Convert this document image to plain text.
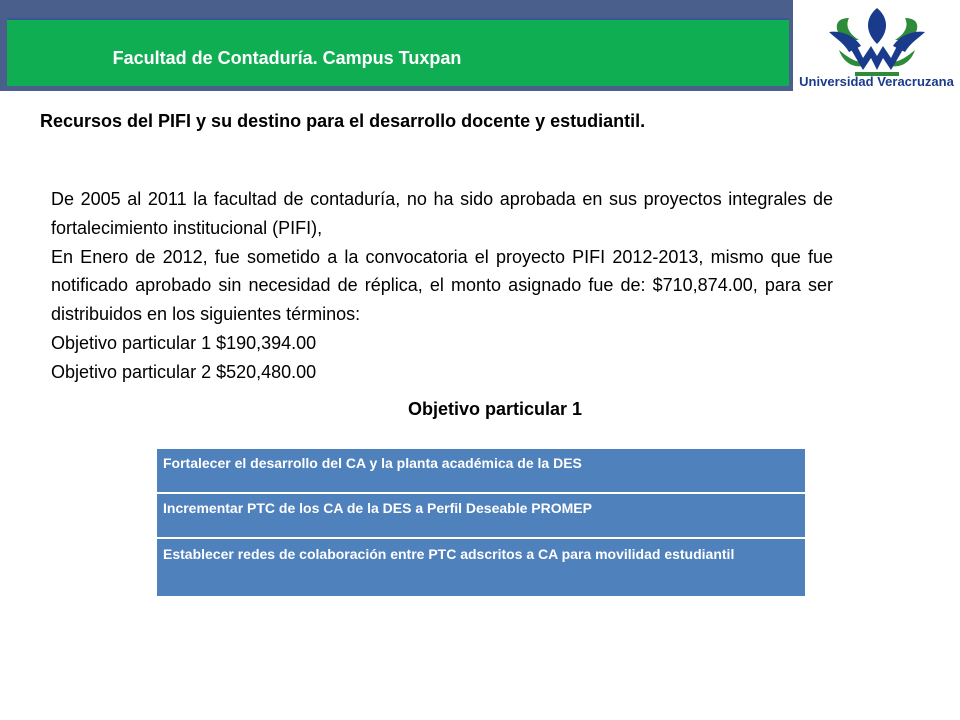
Facultad de Contaduría. Campus Tuxpan
Universidad Veracruzana
Recursos del PIFI y su destino para el desarrollo docente y estudiantil.

De 2005 al 2011 la facultad de contaduría, no ha sido aprobada en sus proyectos integrales de fortalecimiento institucional (PIFI),

En Enero de 2012, fue sometido a la convocatoria el proyecto PIFI 2012-2013, mismo que fue notificado aprobado sin necesidad de réplica, el monto asignado fue de: $710,874.00, para ser distribuidos en los siguientes términos:

Objetivo particular 1 $190,394.00

Objetivo particular 2 $520,480.00

Objetivo particular 1
Fortalecer el desarrollo del CA y la planta académica de la DES
Incrementar PTC de los CA de la DES a Perfil Deseable PROMEP
Establecer redes de colaboración entre PTC adscritos a CA para movilidad estudiantil
